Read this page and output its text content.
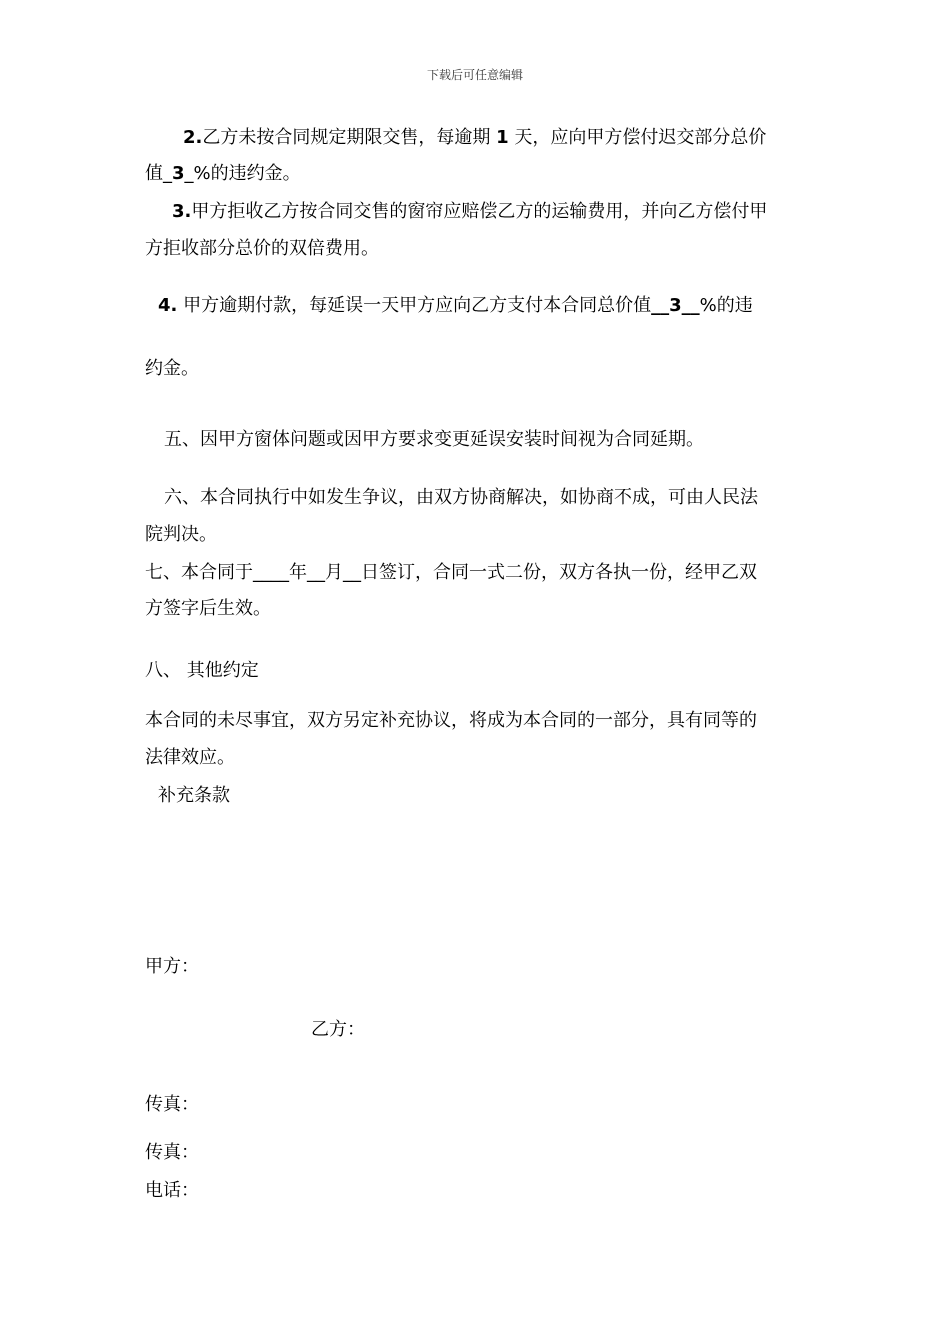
下载后可任意编辑
2.乙方未按合同规定期限交售，每逾期 1 天，应向甲方偿付迟交部分总价
值_3_%的违约金。
3.甲方拒收乙方按合同交售的窗帘应赔偿乙方的运输费用，并向乙方偿付甲
方拒收部分总价的双倍费用。
4. 甲方逾期付款，每延误一天甲方应向乙方支付本合同总价值__3__%的违
约金。
五、因甲方窗体问题或因甲方要求变更延误安装时间视为合同延期。
六、本合同执行中如发生争议，由双方协商解决，如协商不成，可由人民法
院判决。
七、本合同于____年__月__日签订，合同一式二份，双方各执一份，经甲乙双
方签字后生效。
八、 其他约定
本合同的未尽事宜，双方另定补充协议，将成为本合同的一部分，具有同等的
法律效应。
补充条款
甲方：
乙方：
传真：
传真：
电话：
